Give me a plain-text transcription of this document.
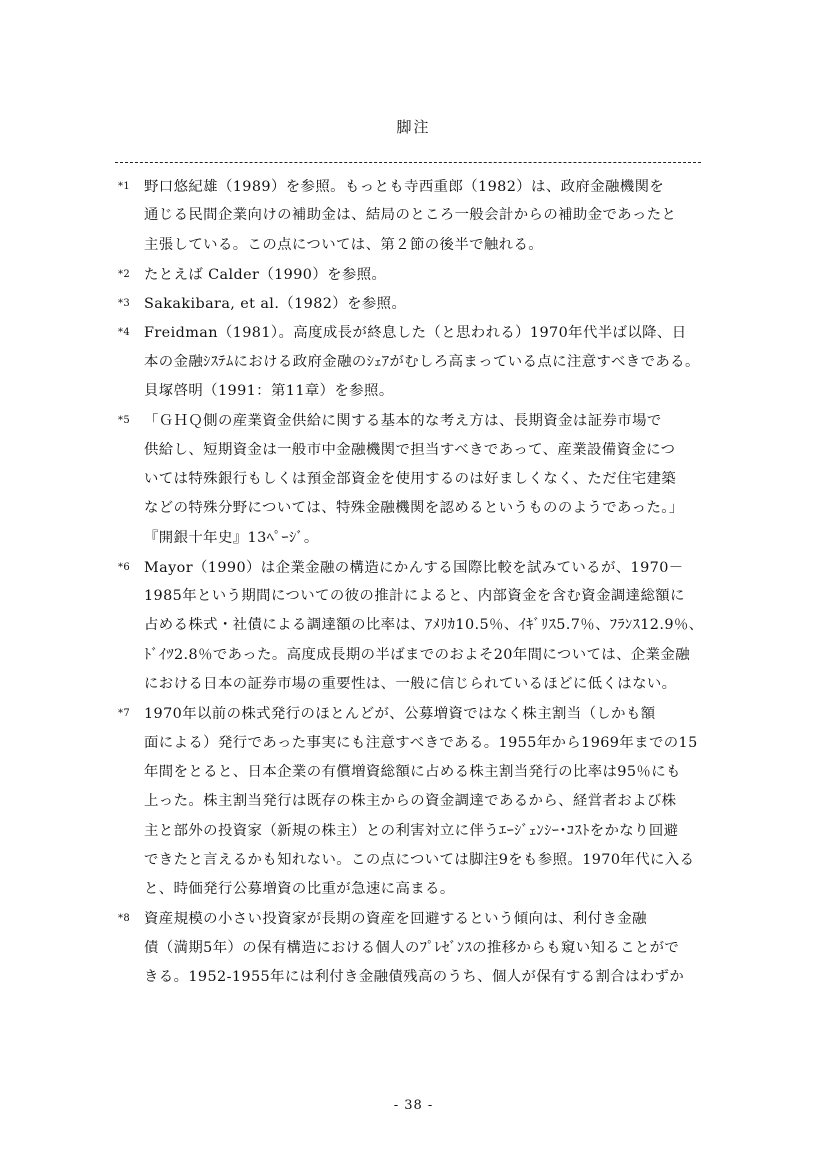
脚注
*1 野口悠紀雄（1989）を参照。もっとも寺西重郎（1982）は、政府金融機関を
通じる民間企業向けの補助金は、結局のところ一般会計からの補助金であったと
主張している。この点については、第２節の後半で触れる。
*2 たとえば Calder（1990）を参照。
*3 Sakakibara, et al.（1982）を参照。
*4 Freidman（1981）。高度成長が終息した（と思われる）1970年代半ば以降、日
本の金融ｼｽﾃﾑにおける政府金融のｼｪｱがむしろ高まっている点に注意すべきである。
貝塚啓明（1991：第11章）を参照。
*5 「ＧＨＱ側の産業資金供給に関する基本的な考え方は、長期資金は証券市場で
供給し、短期資金は一般市中金融機関で担当すべきであって、産業設備資金につ
いては特殊銀行もしくは預金部資金を使用するのは好ましくなく、ただ住宅建築
などの特殊分野については、特殊金融機関を認めるというもののようであった。」
『開銀十年史』13ﾍﾟｰｼﾞ。
*6 Mayor（1990）は企業金融の構造にかんする国際比較を試みているが、1970－
1985年という期間についての彼の推計によると、内部資金を含む資金調達総額に
占める株式・社債による調達額の比率は、ｱﾒﾘｶ10.5％、ｲｷﾞﾘｽ5.7％、ﾌﾗﾝｽ12.9％、
ﾄﾞｲﾂ2.8％であった。高度成長期の半ばまでのおよそ20年間については、企業金融
における日本の証券市場の重要性は、一般に信じられているほどに低くはない。
*7 1970年以前の株式発行のほとんどが、公募増資ではなく株主割当（しかも額
面による）発行であった事実にも注意すべきである。1955年から1969年までの15
年間をとると、日本企業の有償増資総額に占める株主割当発行の比率は95％にも
上った。株主割当発行は既存の株主からの資金調達であるから、経営者および株
主と部外の投資家（新規の株主）との利害対立に伴うｴｰｼﾞｪﾝｼｰ･ｺｽﾄをかなり回避
できたと言えるかも知れない。この点については脚注9をも参照。1970年代に入る
と、時価発行公募増資の比重が急速に高まる。
*8 資産規模の小さい投資家が長期の資産を回避するという傾向は、利付き金融
債（満期5年）の保有構造における個人のﾌﾟﾚｾﾞﾝｽの推移からも窺い知ることがで
きる。1952-1955年には利付き金融債残高のうち、個人が保有する割合はわずか
- 38 -
